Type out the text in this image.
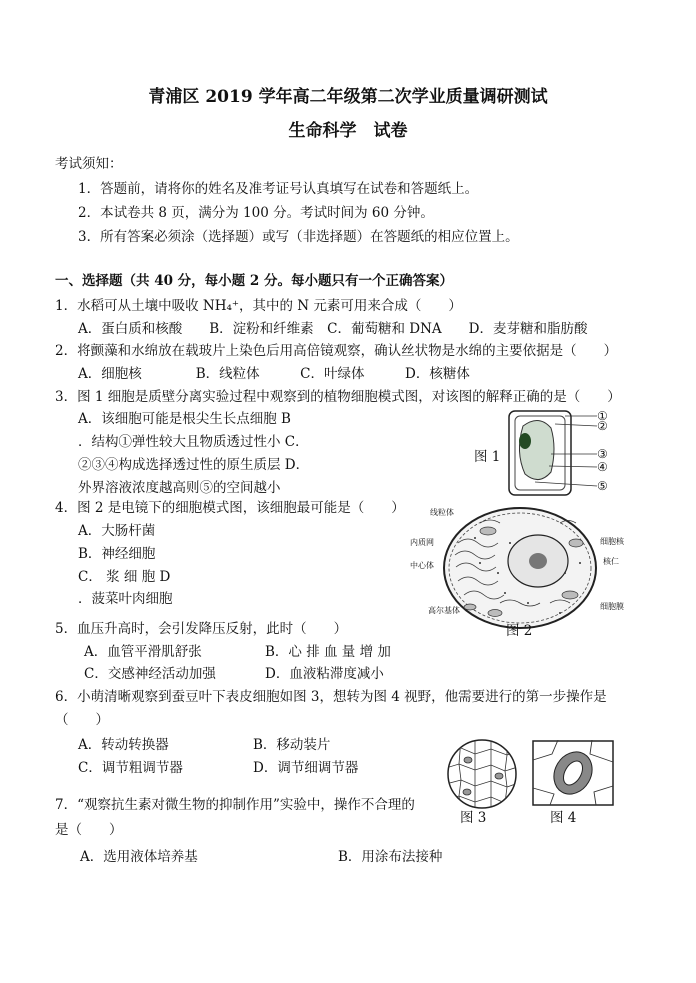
青浦区 2019 学年高二年级第二次学业质量调研测试
生命科学　试卷
考试须知：
1．答题前，请将你的姓名及准考证号认真填写在试卷和答题纸上。
2．本试卷共 8 页，满分为 100 分。考试时间为 60 分钟。
3．所有答案必须涂（选择题）或写（非选择题）在答题纸的相应位置上。
一、选择题（共 40 分，每小题 2 分。每小题只有一个正确答案）
1．水稻可从土壤中吸收 NH₄⁺，其中的 N 元素可用来合成（　　）
A．蛋白质和核酸　　B．淀粉和纤维素　C．葡萄糖和 DNA　　D．麦芽糖和脂肪酸
2．将颤藻和水绵放在载玻片上染色后用高倍镜观察，确认丝状物是水绵的主要依据是（　　）
A．细胞核　　　　B．线粒体　　　C．叶绿体　　　D．核糖体
3．图 1 细胞是质壁分离实验过程中观察到的植物细胞模式图，对该图的解释正确的是（　　）
A．该细胞可能是根尖生长点细胞 B
．结构①弹性较大且物质透过性小 C．
②③④构成选择透过性的原生质层 D．
外界溶液浓度越高则⑤的空间越小
图 1
①
②
③
④
⑤
4．图 2 是电镜下的细胞模式图，该细胞最可能是（　　）
A．大肠杆菌
B．神经细胞
C． 浆 细 胞 D
．菠菜叶肉细胞
线粒体
内质网
中心体
高尔基体
细胞核
核仁
细胞膜
图 2
5．血压升高时，会引发降压反射，此时（　　）
A．血管平滑肌舒张	B．心 排 血 量 增 加
C．交感神经活动加强	D．血液粘滞度减小
6．小萌清晰观察到蚕豆叶下表皮细胞如图 3，想转为图 4 视野，他需要进行的第一步操作是
（　　）
A．转动转换器	B．移动装片
C．调节粗调节器	D．调节细调节器
图 3	图 4
7．“观察抗生素对微生物的抑制作用”实验中，操作不合理的
是（　　）
A．选用液体培养基	B．用涂布法接种
